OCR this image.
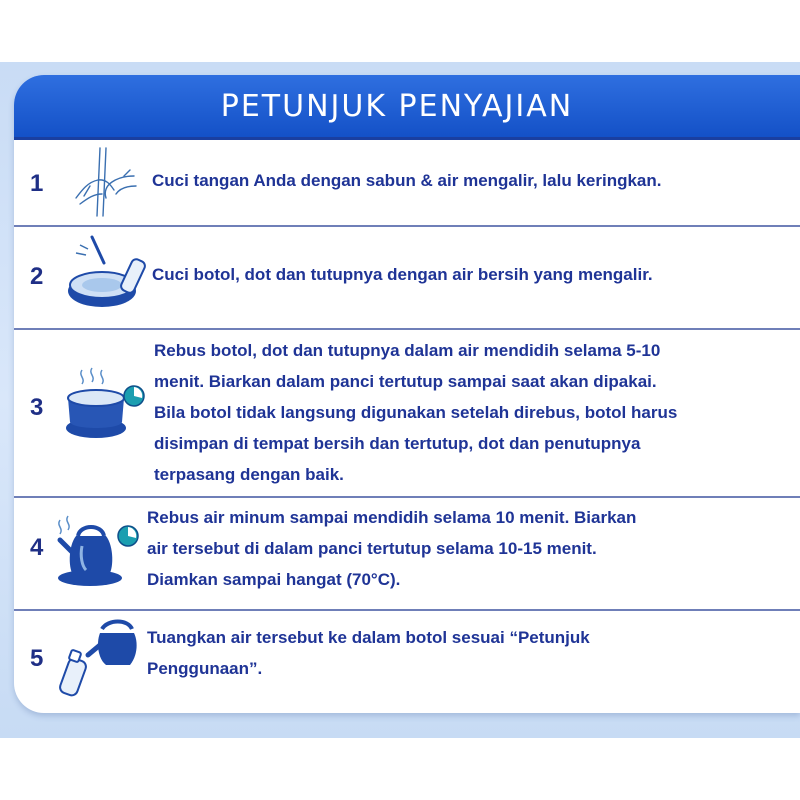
PETUNJUK PENYAJIAN
1	Cuci tangan Anda dengan sabun & air mengalir, lalu keringkan.

2	Cuci botol, dot dan tutupnya dengan air bersih yang mengalir.

3

Rebus botol, dot dan tutupnya dalam air mendidih selama 5-10

menit. Biarkan dalam panci tertutup sampai saat akan dipakai.

Bila botol tidak langsung digunakan setelah direbus, botol harus

disimpan di tempat bersih dan tertutup, dot dan penutupnya

terpasang dengan baik.

4

Rebus air minum sampai mendidih selama 10 menit. Biarkan

air tersebut di dalam panci tertutup selama 10-15 menit.

Diamkan sampai hangat (70°C).

5

Tuangkan air tersebut ke dalam botol sesuai “Petunjuk

Penggunaan”.
